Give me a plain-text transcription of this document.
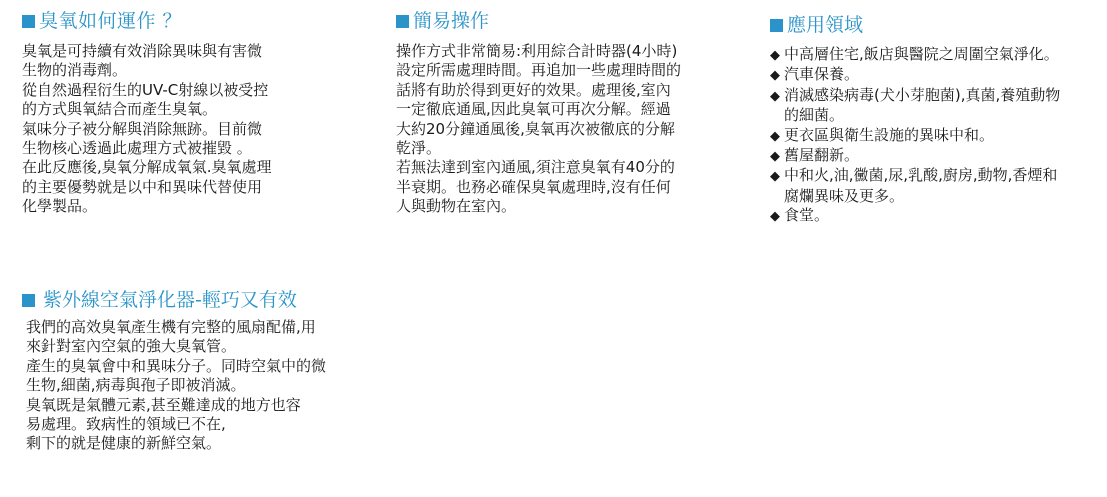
臭氧如何運作 ？
臭氧是可持續有效消除異味與有害微
生物的消毒劑。
從自然過程衍生的UV-C射線以被受控
的方式與氧結合而產生臭氧。
氣味分子被分解與消除無跡。目前微
生物核心透過此處理方式被摧毀 。
在此反應後,臭氧分解成氧氣.臭氧處理
的主要優勢就是以中和異味代替使用
化學製品。
簡易操作
操作方式非常簡易:利用綜合計時器(4小時)
設定所需處理時間。再追加一些處理時間的
話將有助於得到更好的效果。處理後,室內
一定徹底通風,因此臭氧可再次分解。經過
大約20分鐘通風後,臭氧再次被徹底的分解
乾淨。
若無法達到室內通風,須注意臭氧有40分的
半衰期。也務必確保臭氧處理時,沒有任何
人與動物在室內。
應用領域
◆ 中高層住宅,飯店與醫院之周圍空氣淨化。
◆ 汽車保養。
◆ 消滅感染病毒(犬小芽胞菌),真菌,養殖動物
的細菌。
◆ 更衣區與衛生設施的異味中和。
◆ 舊屋翻新。
◆ 中和火,油,黴菌,尿,乳酸,廚房,動物,香煙和
腐爛異味及更多。
◆ 食堂。
紫外線空氣淨化器-輕巧又有效
我們的高效臭氧產生機有完整的風扇配備,用
來針對室內空氣的強大臭氧管。
產生的臭氧會中和異味分子。同時空氣中的微
生物,細菌,病毒與孢子即被消滅。
臭氧既是氣體元素,甚至難達成的地方也容
易處理。致病性的領域已不在,
剩下的就是健康的新鮮空氣。
